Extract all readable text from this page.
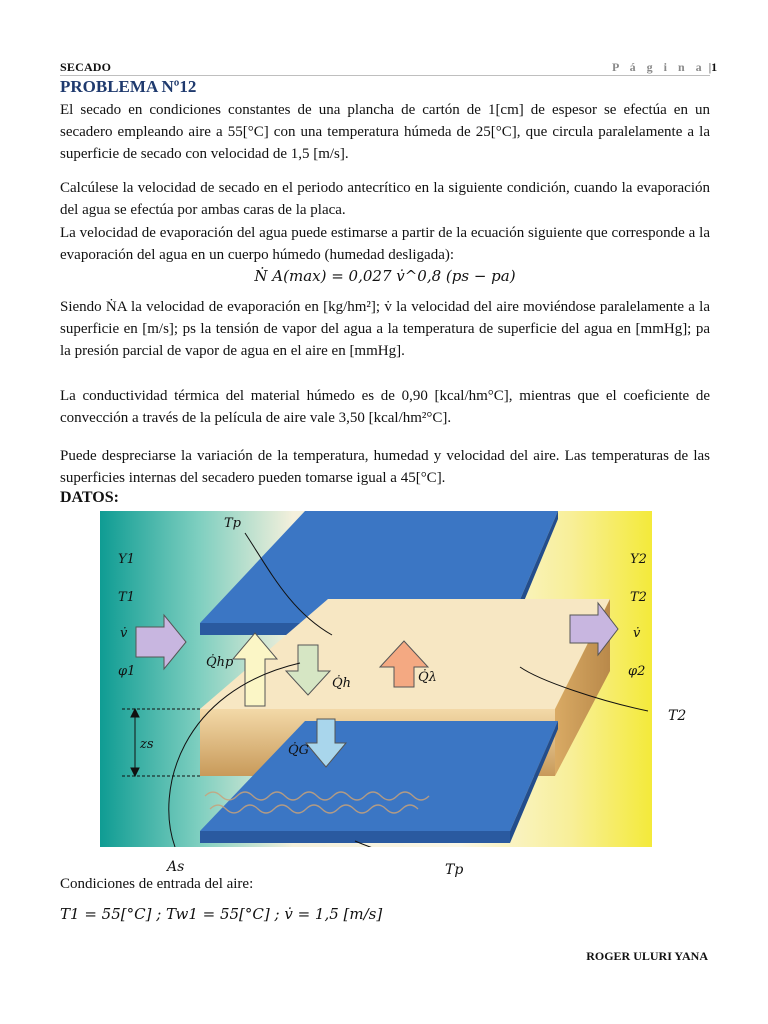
SECADO	P á g i n a |1
PROBLEMA Nº12
El secado en condiciones constantes de una plancha de cartón de 1[cm] de espesor se efectúa en un secadero empleando aire a 55[°C] con una temperatura húmeda de 25[°C], que circula paralelamente a la superficie de secado con velocidad de 1,5 [m/s].
Calcúlese la velocidad de secado en el periodo antecrítico en la siguiente condición, cuando la evaporación del agua se efectúa por ambas caras de la placa.
La velocidad de evaporación del agua puede estimarse a partir de la ecuación siguiente que corresponde a la evaporación del agua en un cuerpo húmedo (humedad desligada):
Ṅ A(max) = 0,027 v̇^0,8 (ps − pa)
Siendo ṄA la velocidad de evaporación en [kg/hm²]; v̇ la velocidad del aire moviéndose paralelamente a la superficie en [m/s]; ps la tensión de vapor del agua a la temperatura de superficie del agua en [mmHg]; pa la presión parcial de vapor de agua en el aire en [mmHg].
La conductividad térmica del material húmedo es de 0,90 [kcal/hm°C], mientras que el coeficiente de convección a través de la película de aire vale 3,50 [kcal/hm²°C].
Puede despreciarse la variación de la temperatura, humedad y velocidad del aire. Las temperaturas de las superficies internas del secadero pueden tomarse igual a 45[°C].
DATOS:
Tp
Y1
T1
v̇
φ1
Y2
T2
v̇
φ2
Q̇hp
Q̇h	Q̇λ
Q̇G
zs
T2
As	Tp
Condiciones de entrada del aire:
T1 = 55[°C] ; Tw1 = 55[°C] ; v̇ = 1,5 [m/s]
ROGER ULURI YANA
